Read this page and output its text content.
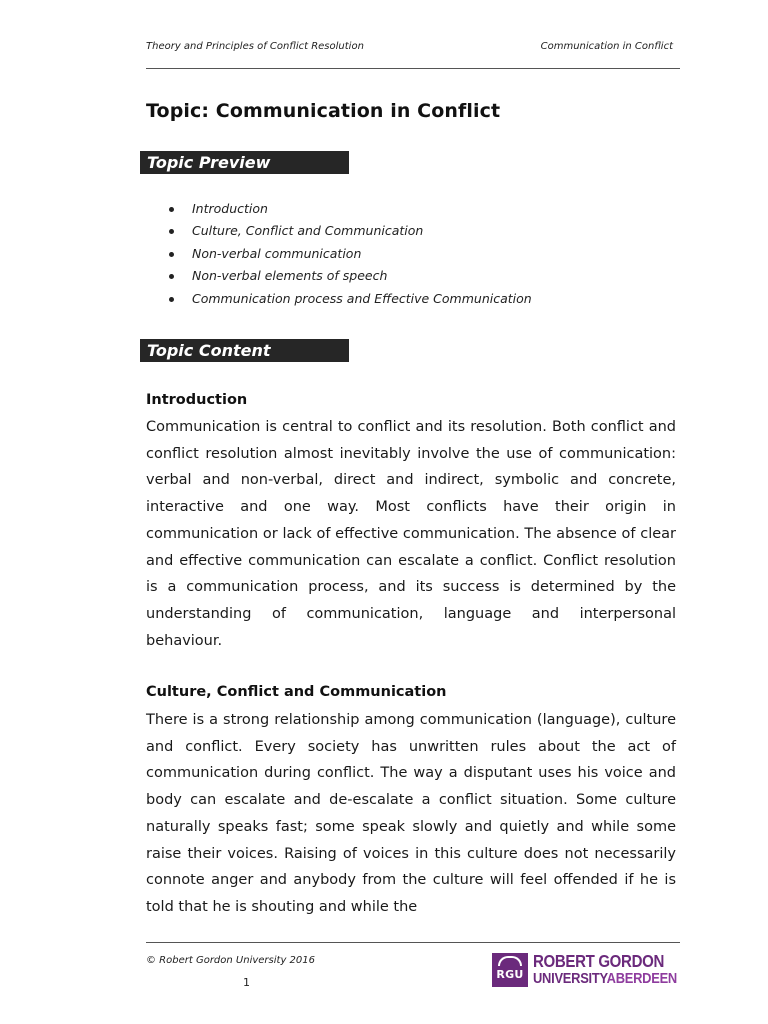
Theory and Principles of Conflict Resolution	Communication in Conflict
Topic: Communication in Conflict
Topic Preview
Introduction
Culture, Conflict and Communication
Non-verbal communication
Non-verbal elements of speech
Communication process and Effective Communication
Topic Content
Introduction

Communication is central to conflict and its resolution. Both conflict and conflict resolution almost inevitably involve the use of communication: verbal and non-verbal, direct and indirect, symbolic and concrete, interactive and one way. Most conflicts have their origin in communication or lack of effective communication. The absence of clear and effective communication can escalate a conflict. Conflict resolution is a communication process, and its success is determined by the understanding of communication, language and interpersonal behaviour.

Culture, Conflict and Communication

There is a strong relationship among communication (language), culture and conflict. Every society has unwritten rules about the act of communication during conflict. The way a disputant uses his voice and body can escalate and de-escalate a conflict situation. Some culture naturally speaks fast; some speak slowly and quietly and while some raise their voices. Raising of voices in this culture does not necessarily connote anger and anybody from the culture will feel offended if he is told that he is shouting and while the

© Robert Gordon University 2016
1
RGU
ROBERT GORDON
UNIVERSITYABERDEEN
